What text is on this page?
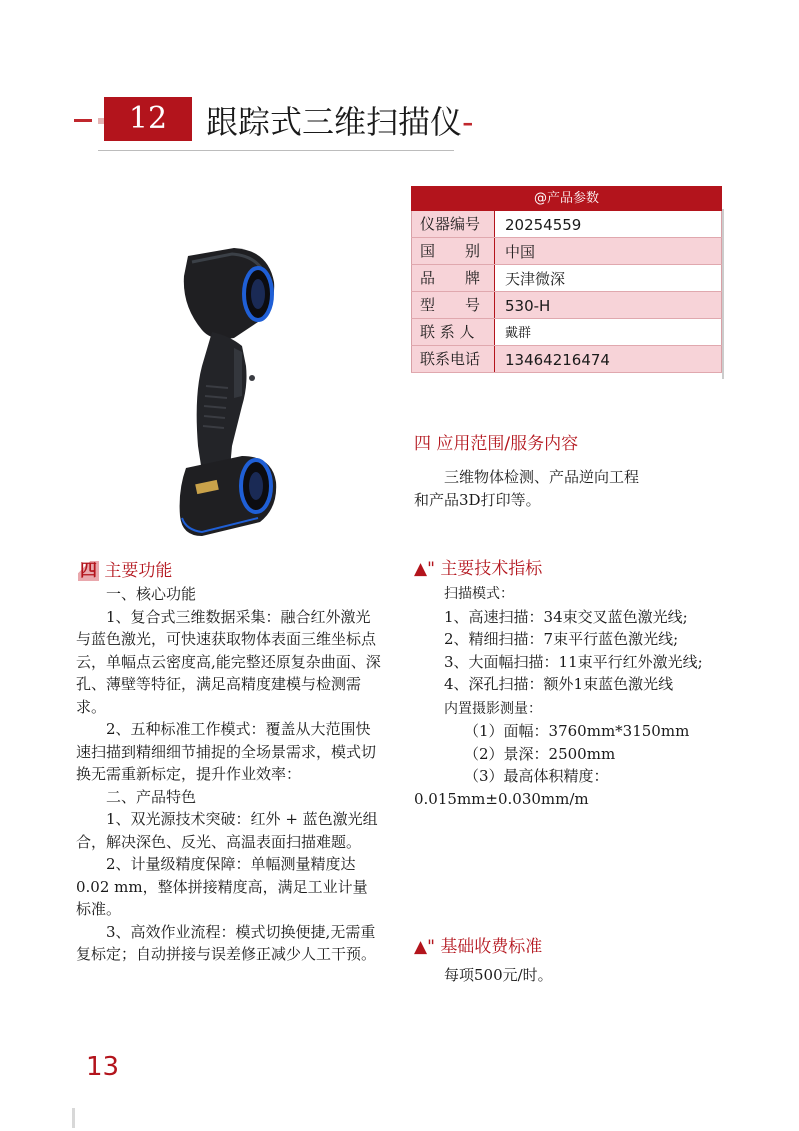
12	跟踪式三维扫描仪-
@产品参数
仪器编号	20254559
国　　别	中国
品　　牌	天津微深
型　　号	530-H
联 系 人	戴群
联系电话	13464216474
四 应用范围/服务内容

三维物体检测、产品逆向工程

和产品3D打印等。

四 主要功能

一、核心功能

1、复合式三维数据采集：融合红外激光与蓝色激光，可快速获取物体表面三维坐标点云，单幅点云密度高,能完整还原复杂曲面、深孔、薄壁等特征，满足高精度建模与检测需求。

2、五种标准工作模式：覆盖从大范围快速扫描到精细细节捕捉的全场景需求，模式切换无需重新标定，提升作业效率：

二、产品特色

1、双光源技术突破：红外 + 蓝色激光组合，解决深色、反光、高温表面扫描难题。

2、计量级精度保障：单幅测量精度达 0.02 mm，整体拼接精度高，满足工业计量标准。

3、高效作业流程：模式切换便捷,无需重复标定；自动拼接与误差修正减少人工干预。

▲" 主要技术指标

扫描模式：

1、高速扫描：34束交叉蓝色激光线;

2、精细扫描：7束平行蓝色激光线;

3、大面幅扫描：11束平行红外激光线;

4、深孔扫描：额外1束蓝色激光线

内置摄影测量：

（1）面幅：3760mm*3150mm

（2）景深：2500mm

（3）最高体积精度：0.015mm±0.030mm/m

▲" 基础收费标准

每项500元/时。

13
